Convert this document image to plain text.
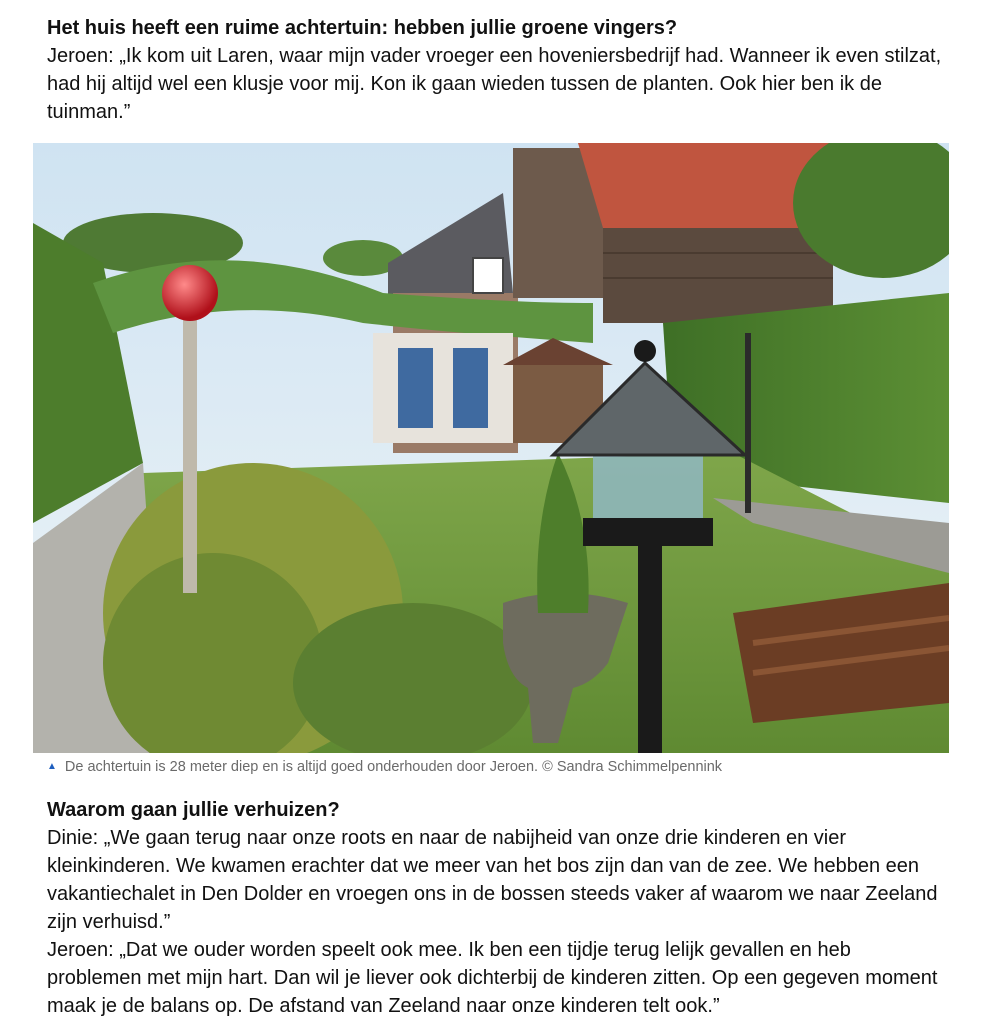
Het huis heeft een ruime achtertuin: hebben jullie groene vingers?

Jeroen: „Ik kom uit Laren, waar mijn vader vroeger een hoveniersbedrijf had. Wanneer ik even stilzat, had hij altijd wel een klusje voor mij. Kon ik gaan wieden tussen de planten. Ook hier ben ik de tuinman.”

▲ De achtertuin is 28 meter diep en is altijd goed onderhouden door Jeroen. © Sandra Schimmelpennink
Waarom gaan jullie verhuizen?

Dinie: „We gaan terug naar onze roots en naar de nabijheid van onze drie kinderen en vier kleinkinderen. We kwamen erachter dat we meer van het bos zijn dan van de zee. We hebben een vakantiechalet in Den Dolder en vroegen ons in de bossen steeds vaker af waarom we naar Zeeland zijn verhuisd.”

Jeroen: „Dat we ouder worden speelt ook mee. Ik ben een tijdje terug lelijk gevallen en heb problemen met mijn hart. Dan wil je liever ook dichterbij de kinderen zitten. Op een gegeven moment maak je de balans op. De afstand van Zeeland naar onze kinderen telt ook.”
